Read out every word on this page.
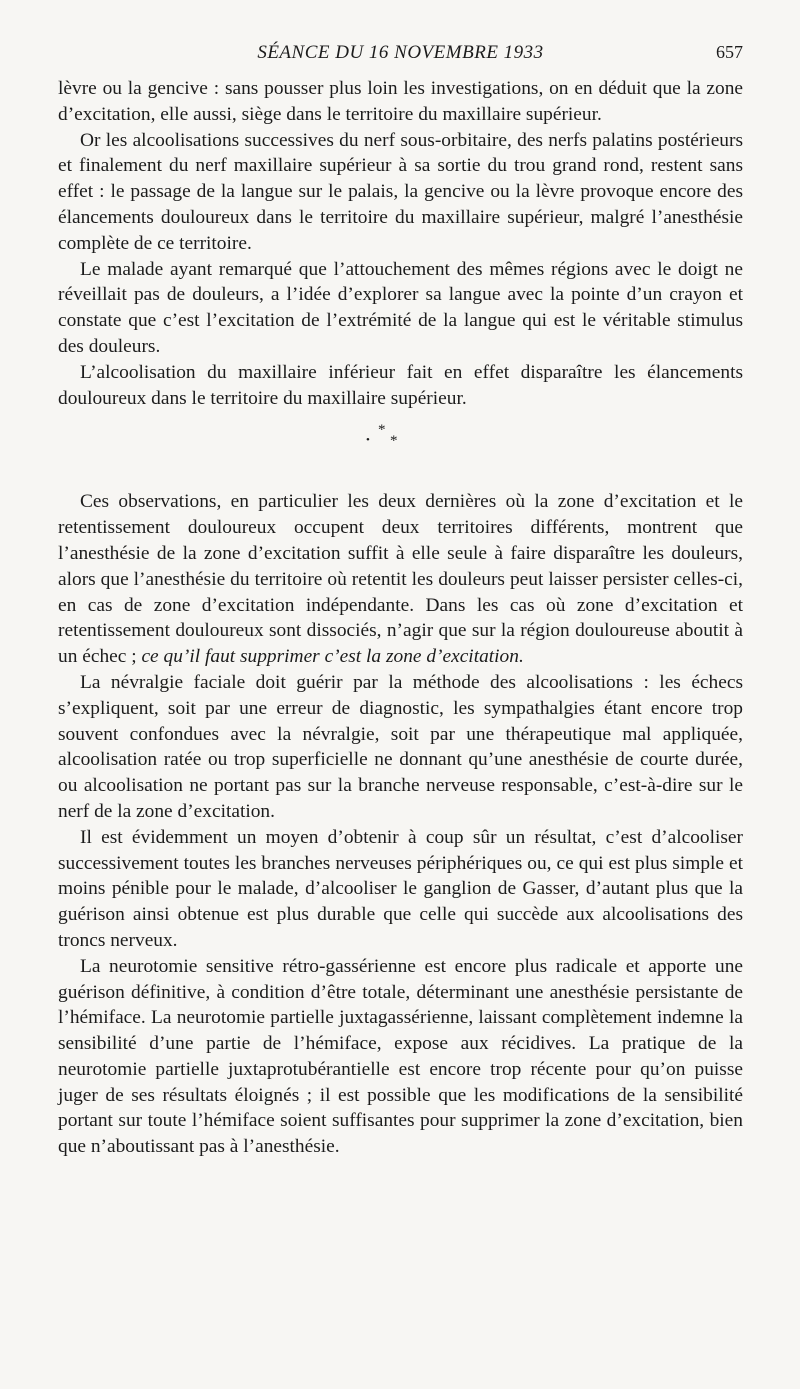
SÉANCE DU 16 NOVEMBRE 1933	657

lèvre ou la gencive : sans pousser plus loin les investigations, on en déduit que la zone d’excitation, elle aussi, siège dans le territoire du maxillaire supérieur.

Or les alcoolisations successives du nerf sous-orbitaire, des nerfs palatins postérieurs et finalement du nerf maxillaire supérieur à sa sortie du trou grand rond, restent sans effet : le passage de la langue sur le palais, la gencive ou la lèvre provoque encore des élancements douloureux dans le territoire du maxillaire supérieur, malgré l’anesthésie complète de ce territoire.

Le malade ayant remarqué que l’attouchement des mêmes régions avec le doigt ne réveillait pas de douleurs, a l’idée d’explorer sa langue avec la pointe d’un crayon et constate que c’est l’excitation de l’extrémité de la langue qui est le véritable stimulus des douleurs.

L’alcoolisation du maxillaire inférieur fait en effet disparaître les élancements douloureux dans le territoire du maxillaire supérieur.

*
• *

Ces observations, en particulier les deux dernières où la zone d’excitation et le retentissement douloureux occupent deux territoires différents, montrent que l’anesthésie de la zone d’excitation suffit à elle seule à faire disparaître les douleurs, alors que l’anesthésie du territoire où retentit les douleurs peut laisser persister celles-ci, en cas de zone d’excitation indépendante. Dans les cas où zone d’excitation et retentissement douloureux sont dissociés, n’agir que sur la région douloureuse aboutit à un échec ; ce qu’il faut supprimer c’est la zone d’excitation.

La névralgie faciale doit guérir par la méthode des alcoolisations : les échecs s’expliquent, soit par une erreur de diagnostic, les sympathalgies étant encore trop souvent confondues avec la névralgie, soit par une thérapeutique mal appliquée, alcoolisation ratée ou trop superficielle ne donnant qu’une anesthésie de courte durée, ou alcoolisation ne portant pas sur la branche nerveuse responsable, c’est-à-dire sur le nerf de la zone d’excitation.

Il est évidemment un moyen d’obtenir à coup sûr un résultat, c’est d’alcooliser successivement toutes les branches nerveuses périphériques ou, ce qui est plus simple et moins pénible pour le malade, d’alcooliser le ganglion de Gasser, d’autant plus que la guérison ainsi obtenue est plus durable que celle qui succède aux alcoolisations des troncs nerveux.

La neurotomie sensitive rétro-gassérienne est encore plus radicale et apporte une guérison définitive, à condition d’être totale, déterminant une anesthésie persistante de l’hémiface. La neurotomie partielle juxtagassérienne, laissant complètement indemne la sensibilité d’une partie de l’hémiface, expose aux récidives. La pratique de la neurotomie partielle juxtaprotubérantielle est encore trop récente pour qu’on puisse juger de ses résultats éloignés ; il est possible que les modifications de la sensibilité portant sur toute l’hémiface soient suffisantes pour supprimer la zone d’excitation, bien que n’aboutissant pas à l’anesthésie.
